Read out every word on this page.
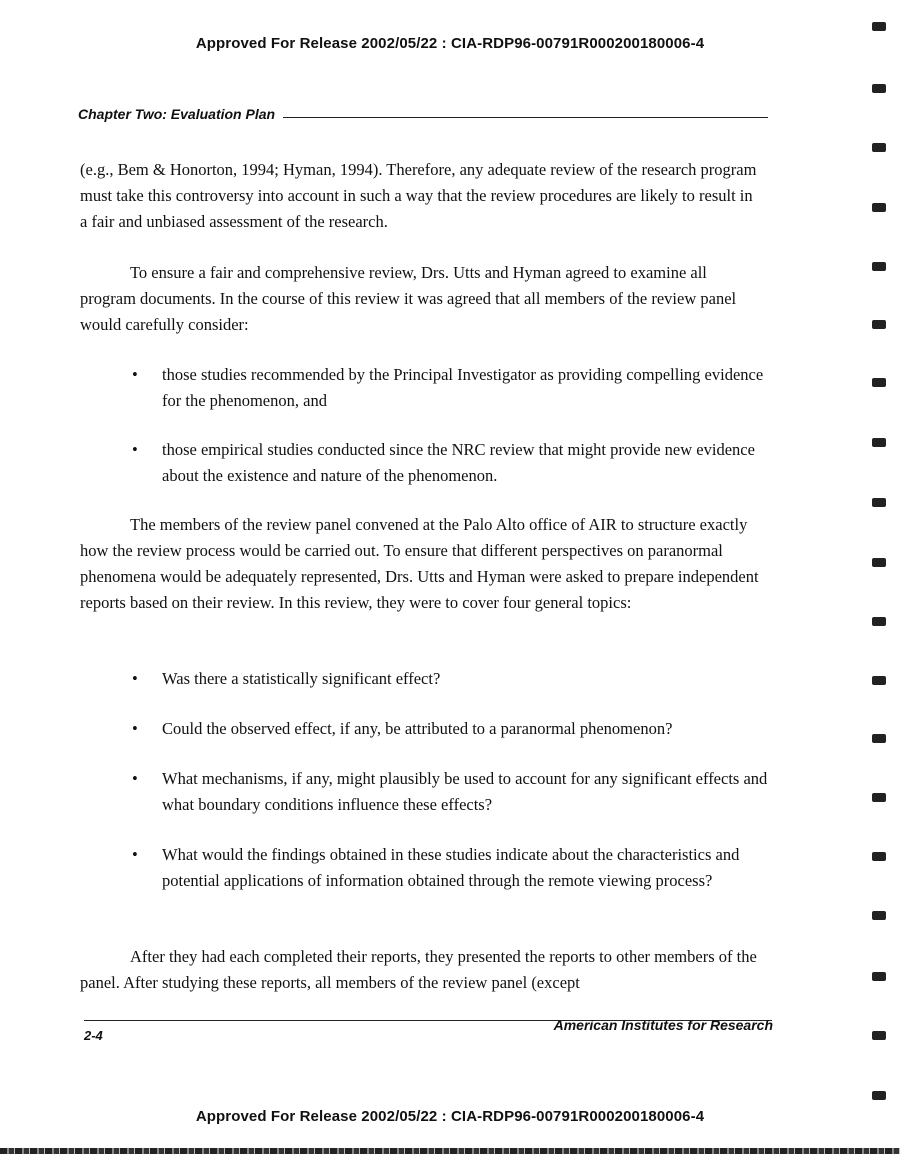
Approved For Release 2002/05/22 : CIA-RDP96-00791R000200180006-4
Chapter Two: Evaluation Plan
(e.g., Bem & Honorton, 1994; Hyman, 1994). Therefore, any adequate review of the research program must take this controversy into account in such a way that the review procedures are likely to result in a fair and unbiased assessment of the research.
To ensure a fair and comprehensive review, Drs. Utts and Hyman agreed to examine all program documents. In the course of this review it was agreed that all members of the review panel would carefully consider:
• those studies recommended by the Principal Investigator as providing compelling evidence for the phenomenon, and
• those empirical studies conducted since the NRC review that might provide new evidence about the existence and nature of the phenomenon.
The members of the review panel convened at the Palo Alto office of AIR to structure exactly how the review process would be carried out. To ensure that different perspectives on paranormal phenomena would be adequately represented, Drs. Utts and Hyman were asked to prepare independent reports based on their review. In this review, they were to cover four general topics:
• Was there a statistically significant effect?
• Could the observed effect, if any, be attributed to a paranormal phenomenon?
• What mechanisms, if any, might plausibly be used to account for any significant effects and what boundary conditions influence these effects?
• What would the findings obtained in these studies indicate about the characteristics and potential applications of information obtained through the remote viewing process?
After they had each completed their reports, they presented the reports to other members of the panel. After studying these reports, all members of the review panel (except
2-4
American Institutes for Research
Approved For Release 2002/05/22 : CIA-RDP96-00791R000200180006-4
